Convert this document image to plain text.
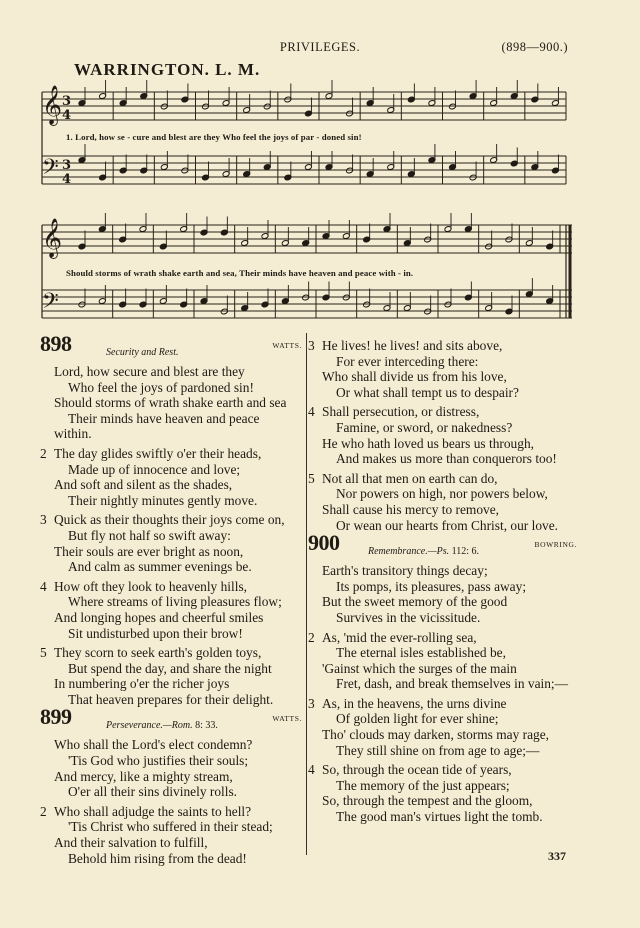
PRIVILEGES.	(898—900.)
WARRINGTON. L. M.
𝄞
𝄢
3
4
3
4
𝄞
𝄢
1. Lord, how se - cure and blest are they Who feel the joys of par - doned sin!
Should storms of wrath shake earth and sea, Their minds have heaven and peace with - in.
898	Security and Rest.
WATTS.
Lord, how secure and blest are they
Who feel the joys of pardoned sin!
Should storms of wrath shake earth and sea
Their minds have heaven and peace
within.
2 The day glides swiftly o'er their heads,
Made up of innocence and love;
And soft and silent as the shades,
Their nightly minutes gently move.
3 Quick as their thoughts their joys come on,
But fly not half so swift away:
Their souls are ever bright as noon,
And calm as summer evenings be.
4 How oft they look to heavenly hills,
Where streams of living pleasures flow;
And longing hopes and cheerful smiles
Sit undisturbed upon their brow!
5 They scorn to seek earth's golden toys,
But spend the day, and share the night
In numbering o'er the richer joys
That heaven prepares for their delight.
899	Perseverance.—Rom. 8: 33.
WATTS.
Who shall the Lord's elect condemn?
'Tis God who justifies their souls;
And mercy, like a mighty stream,
O'er all their sins divinely rolls.
2 Who shall adjudge the saints to hell?
'Tis Christ who suffered in their stead;
And their salvation to fulfill,
Behold him rising from the dead!
3 He lives! he lives! and sits above,
For ever interceding there:
Who shall divide us from his love,
Or what shall tempt us to despair?
4 Shall persecution, or distress,
Famine, or sword, or nakedness?
He who hath loved us bears us through,
And makes us more than conquerors too!
5 Not all that men on earth can do,
Nor powers on high, nor powers below,
Shall cause his mercy to remove,
Or wean our hearts from Christ, our love.
900	Remembrance.—Ps. 112: 6.
BOWRING.
Earth's transitory things decay;
Its pomps, its pleasures, pass away;
But the sweet memory of the good
Survives in the vicissitude.
2 As, 'mid the ever-rolling sea,
The eternal isles established be,
'Gainst which the surges of the main
Fret, dash, and break themselves in vain;—
3 As, in the heavens, the urns divine
Of golden light for ever shine;
Tho' clouds may darken, storms may rage,
They still shine on from age to age;—
4 So, through the ocean tide of years,
The memory of the just appears;
So, through the tempest and the gloom,
The good man's virtues light the tomb.
337
